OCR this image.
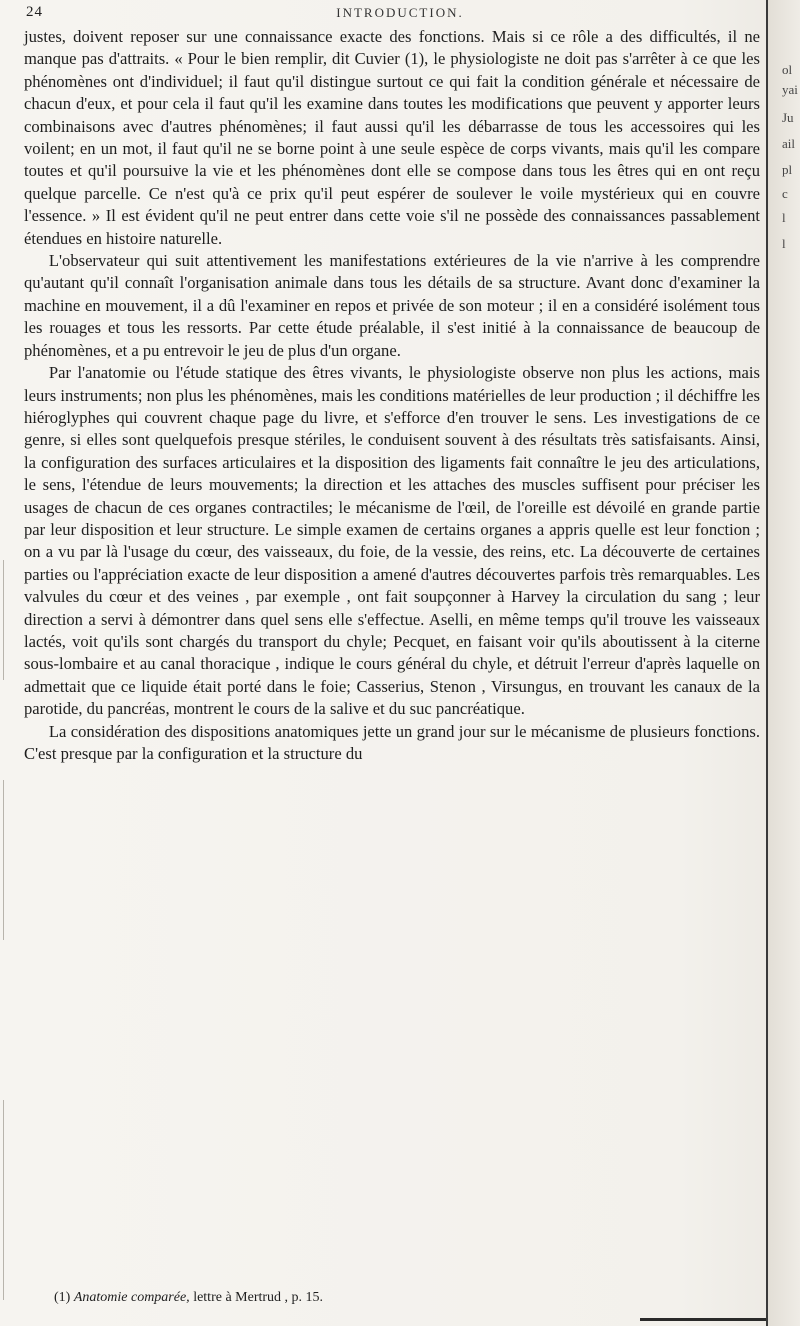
24	INTRODUCTION.

justes, doivent reposer sur une connaissance exacte des fonctions. Mais si ce rôle a des difficultés, il ne manque pas d'attraits. « Pour le bien remplir, dit Cuvier (1), le physiologiste ne doit pas s'arrêter à ce que les phénomènes ont d'individuel; il faut qu'il distingue surtout ce qui fait la condition générale et nécessaire de chacun d'eux, et pour cela il faut qu'il les examine dans toutes les modifications que peuvent y apporter leurs combinaisons avec d'autres phénomènes; il faut aussi qu'il les débarrasse de tous les accessoires qui les voilent; en un mot, il faut qu'il ne se borne point à une seule espèce de corps vivants, mais qu'il les compare toutes et qu'il poursuive la vie et les phénomènes dont elle se compose dans tous les êtres qui en ont reçu quelque parcelle. Ce n'est qu'à ce prix qu'il peut espérer de soulever le voile mystérieux qui en couvre l'essence. » Il est évident qu'il ne peut entrer dans cette voie s'il ne possède des connaissances passablement étendues en histoire naturelle.

L'observateur qui suit attentivement les manifestations extérieures de la vie n'arrive à les comprendre qu'autant qu'il connaît l'organisation animale dans tous les détails de sa structure. Avant donc d'examiner la machine en mouvement, il a dû l'examiner en repos et privée de son moteur ; il en a considéré isolément tous les rouages et tous les ressorts. Par cette étude préalable, il s'est initié à la connaissance de beaucoup de phénomènes, et a pu entrevoir le jeu de plus d'un organe.

Par l'anatomie ou l'étude statique des êtres vivants, le physiologiste observe non plus les actions, mais leurs instruments; non plus les phénomènes, mais les conditions matérielles de leur production ; il déchiffre les hiéroglyphes qui couvrent chaque page du livre, et s'efforce d'en trouver le sens. Les investigations de ce genre, si elles sont quelquefois presque stériles, le conduisent souvent à des résultats très satisfaisants. Ainsi, la configuration des surfaces articulaires et la disposition des ligaments fait connaître le jeu des articulations, le sens, l'étendue de leurs mouvements; la direction et les attaches des muscles suffisent pour préciser les usages de chacun de ces organes contractiles; le mécanisme de l'œil, de l'oreille est dévoilé en grande partie par leur disposition et leur structure. Le simple examen de certains organes a appris quelle est leur fonction ; on a vu par là l'usage du cœur, des vaisseaux, du foie, de la vessie, des reins, etc. La découverte de certaines parties ou l'appréciation exacte de leur disposition a amené d'autres découvertes parfois très remarquables. Les valvules du cœur et des veines , par exemple , ont fait soupçonner à Harvey la circulation du sang ; leur direction a servi à démontrer dans quel sens elle s'effectue. Aselli, en même temps qu'il trouve les vaisseaux lactés, voit qu'ils sont chargés du transport du chyle; Pecquet, en faisant voir qu'ils aboutissent à la citerne sous-lombaire et au canal thoracique , indique le cours général du chyle, et détruit l'erreur d'après laquelle on admettait que ce liquide était porté dans le foie; Casserius, Stenon , Virsungus, en trouvant les canaux de la parotide, du pancréas, montrent le cours de la salive et du suc pancréatique.

La considération des dispositions anatomiques jette un grand jour sur le mécanisme de plusieurs fonctions. C'est presque par la configuration et la structure du

(1) Anatomie comparée, lettre à Mertrud , p. 15.
ol
yai
Ju
ail
pl
c
l
l
